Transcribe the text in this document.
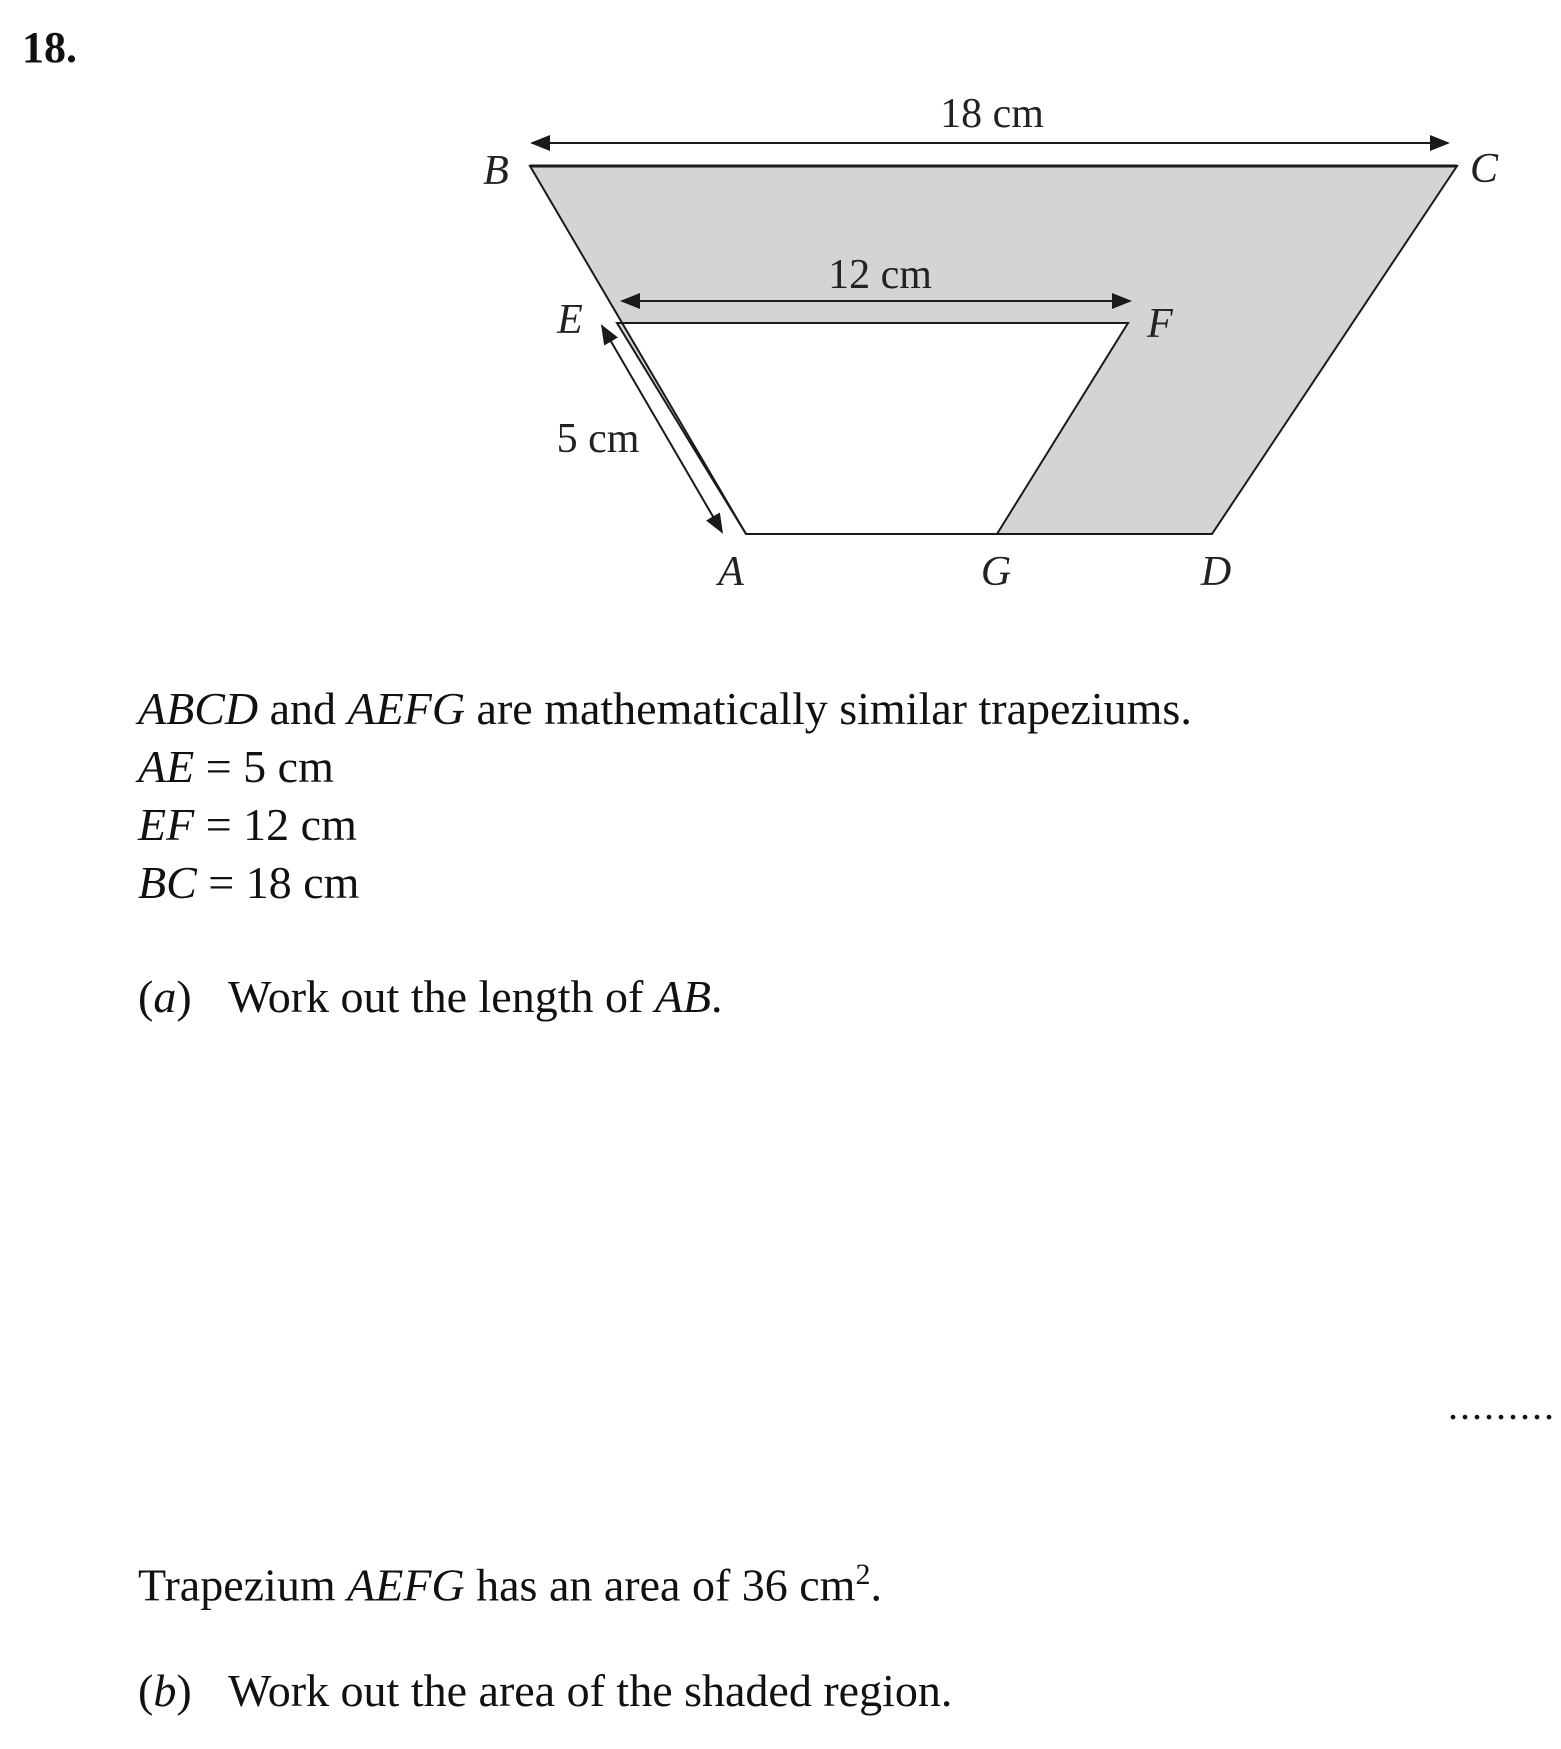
18.
18 cm
12 cm
5 cm
B	C
E	F
A	G	D
ABCD and AEFG are mathematically similar trapeziums.
AE = 5 cm
EF = 12 cm
BC = 18 cm
(a) Work out the length of AB.
.........
Trapezium AEFG has an area of 36 $cm^2$.
(b) Work out the area of the shaded region.
